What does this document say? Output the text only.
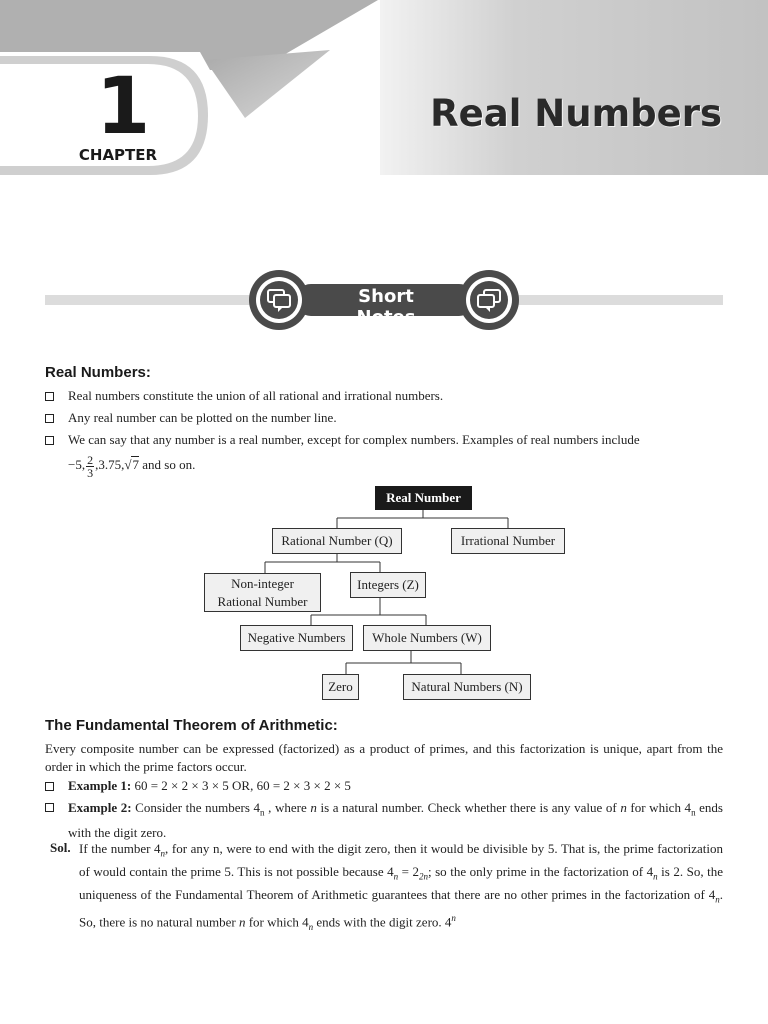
1
CHAPTER
Real Numbers
Short Notes
Real Numbers:
Real numbers constitute the union of all rational and irrational numbers.
Any real number can be plotted on the number line.
We can say that any number is a real number, except for complex numbers. Examples of real numbers include
−5, $\frac{2}{3} ,3.75,√7$ and so on.
Real Number
Rational Number (Q)	Irrational Number
Non-integer
Rational Number
Integers (Z)
Negative Numbers	Whole Numbers (W)
Zero	Natural Numbers (N)
The Fundamental Theorem of Arithmetic:
Every composite number can be expressed (factorized) as a product of primes, and this factorization is unique, apart from the order in which the prime factors occur.
Example 1: 60 = 2 × 2 × 3 × 5 OR, 60 = 2 × 3 × 2 × 5
Example 2: Consider the numbers $4_n$ , where n is a natural number. Check whether there is any value of n for which $4_n$ ends with the digit zero.
Sol. If the number $4_n$, for any n, were to end with the digit zero, then it would be divisible by 5. That is, the prime factorization of would contain the prime 5. This is not possible because $4_n = 2_{2n}$; so the only prime in the factorization of $4_n$ is 2. So, the uniqueness of the Fundamental Theorem of Arithmetic guarantees that there are no other primes in the factorization of $4_n$. So, there is no natural number n for which $4_n$ ends with the digit zero. 4$^n$
